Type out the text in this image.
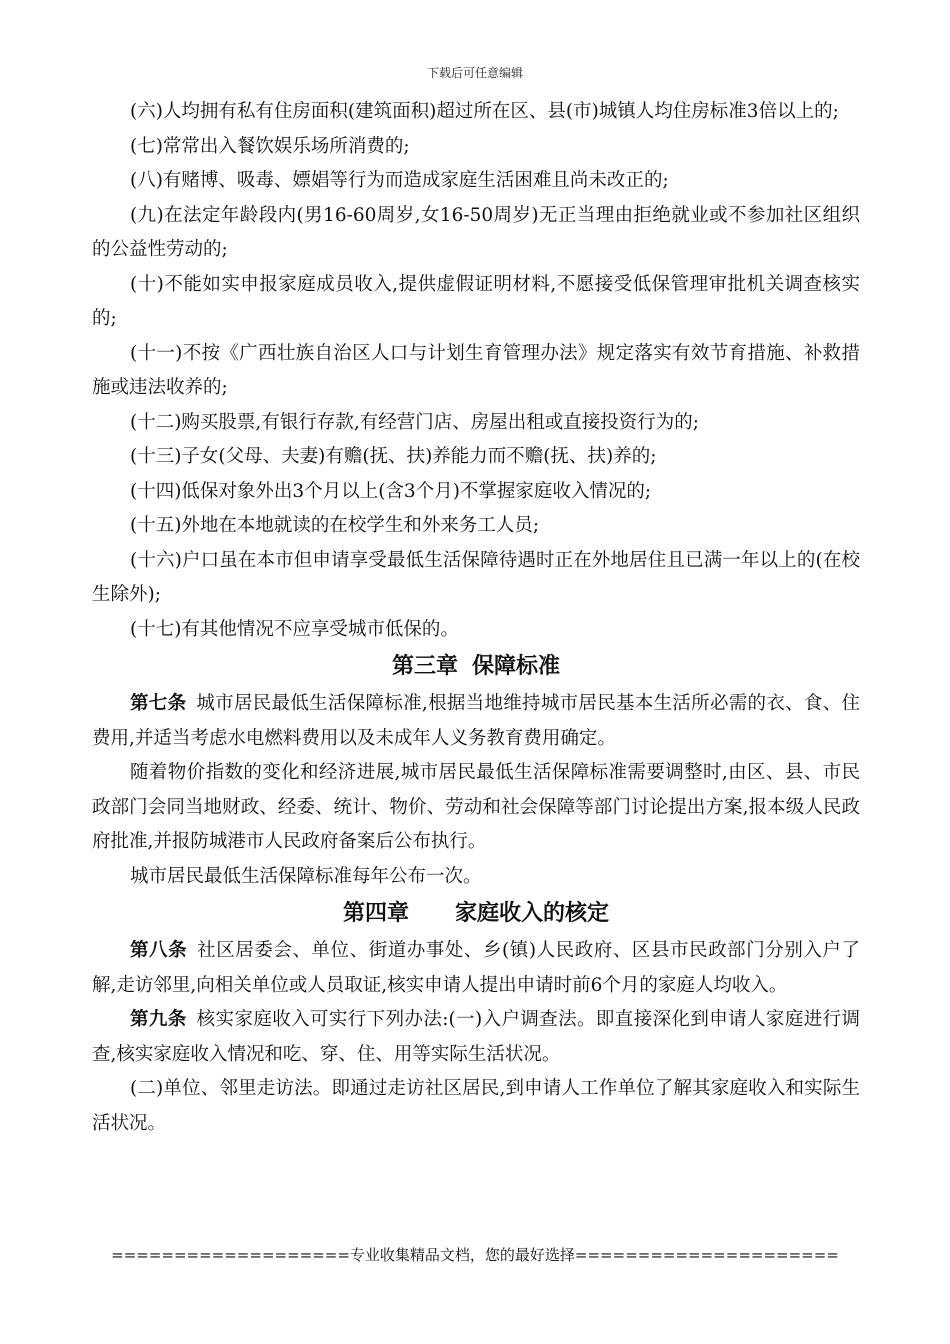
下载后可任意编辑

(六)人均拥有私有住房面积(建筑面积)超过所在区、县(市)城镇人均住房标准3倍以上的;

(七)常常出入餐饮娱乐场所消费的;

(八)有赌博、吸毒、嫖娼等行为而造成家庭生活困难且尚未改正的;

(九)在法定年龄段内(男16-60周岁,女16-50周岁)无正当理由拒绝就业或不参加社区组织的公益性劳动的;

(十)不能如实申报家庭成员收入,提供虚假证明材料,不愿接受低保管理审批机关调查核实的;

(十一)不按《广西壮族自治区人口与计划生育管理办法》规定落实有效节育措施、补救措施或违法收养的;

(十二)购买股票,有银行存款,有经营门店、房屋出租或直接投资行为的;

(十三)子女(父母、夫妻)有赡(抚、扶)养能力而不赡(抚、扶)养的;

(十四)低保对象外出3个月以上(含3个月)不掌握家庭收入情况的;

(十五)外地在本地就读的在校学生和外来务工人员;

(十六)户口虽在本市但申请享受最低生活保障待遇时正在外地居住且已满一年以上的(在校生除外);

(十七)有其他情况不应享受城市低保的。

第三章 保障标准

第七条 城市居民最低生活保障标准,根据当地维持城市居民基本生活所必需的衣、食、住费用,并适当考虑水电燃料费用以及未成年人义务教育费用确定。

随着物价指数的变化和经济进展,城市居民最低生活保障标准需要调整时,由区、县、市民政部门会同当地财政、经委、统计、物价、劳动和社会保障等部门讨论提出方案,报本级人民政府批准,并报防城港市人民政府备案后公布执行。

城市居民最低生活保障标准每年公布一次。

第四章 家庭收入的核定

第八条 社区居委会、单位、街道办事处、乡(镇)人民政府、区县市民政部门分别入户了解,走访邻里,向相关单位或人员取证,核实申请人提出申请时前6个月的家庭人均收入。

第九条 核实家庭收入可实行下列办法:(一)入户调查法。即直接深化到申请人家庭进行调查,核实家庭收入情况和吃、穿、住、用等实际生活状况。

(二)单位、邻里走访法。即通过走访社区居民,到申请人工作单位了解其家庭收入和实际生活状况。

===================专业收集精品文档，您的最好选择=====================
